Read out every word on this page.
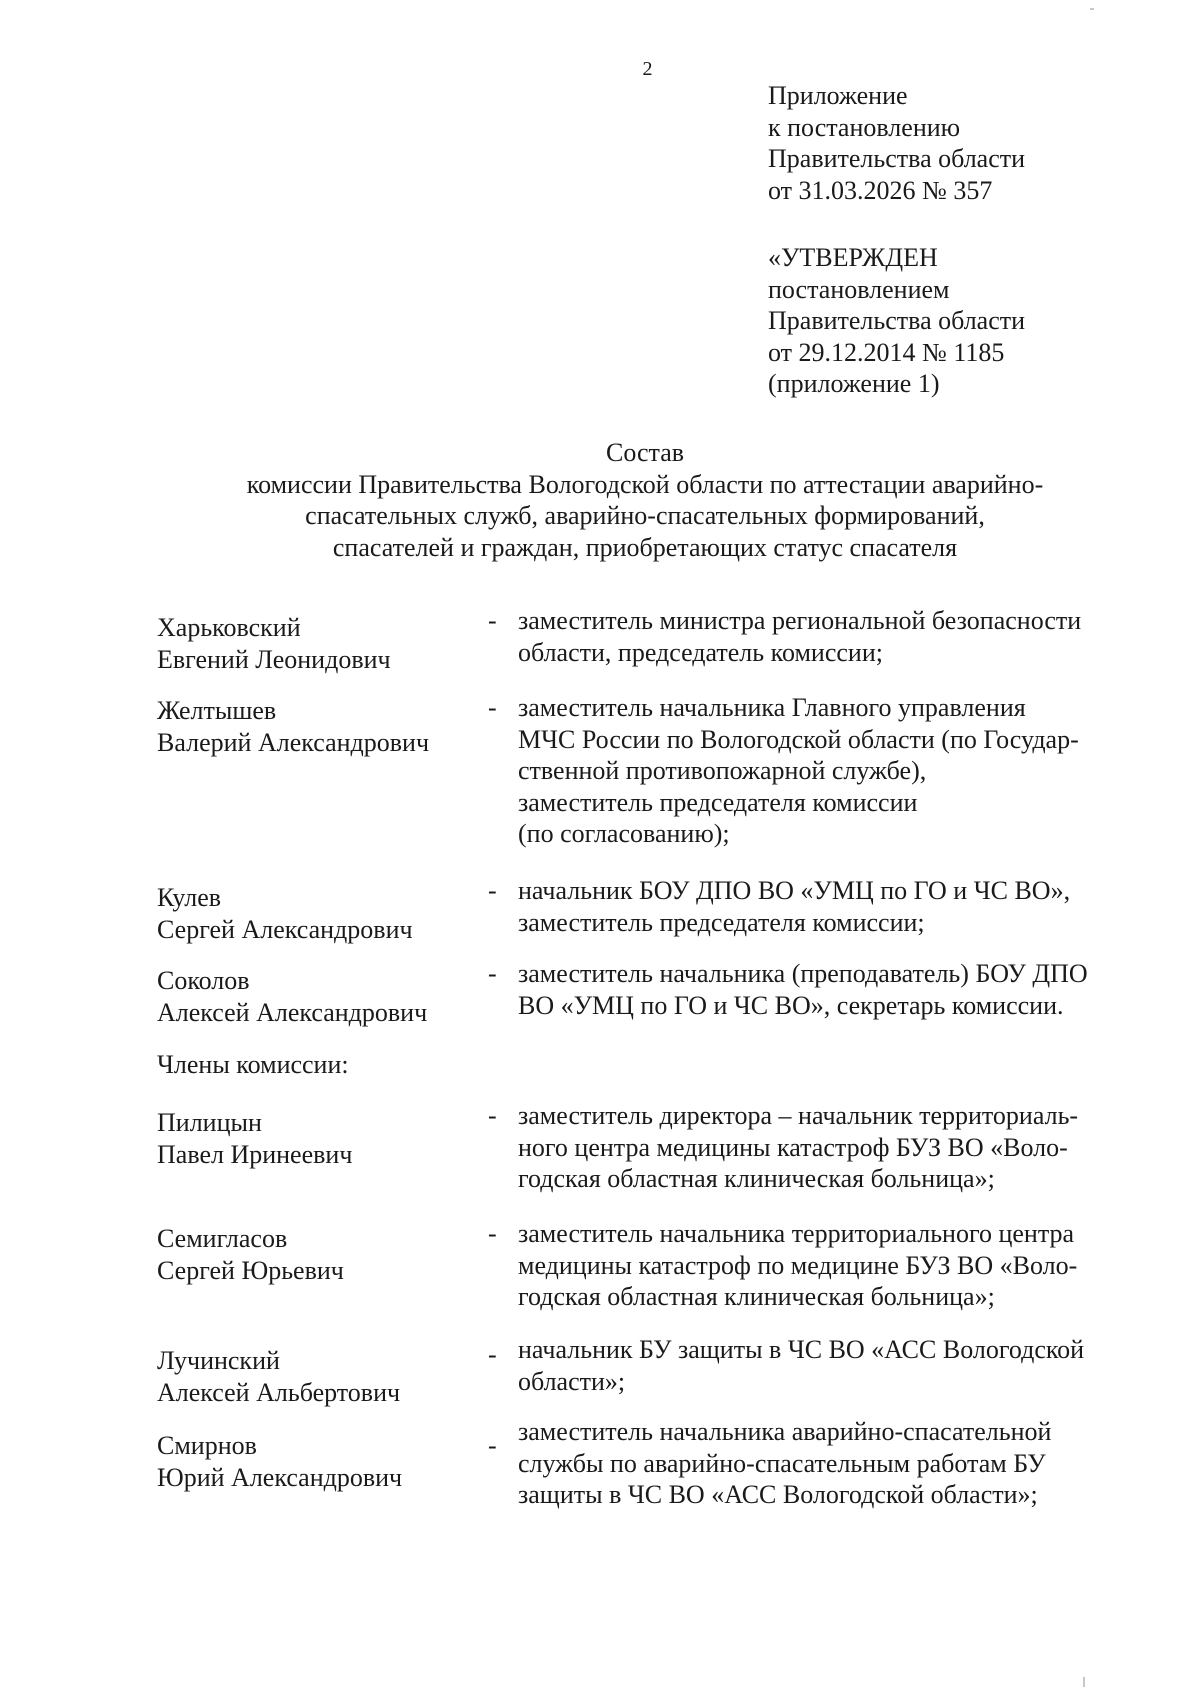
2
Приложение
к постановлению
Правительства области
от 31.03.2026 № 357
«УТВЕРЖДЕН
постановлением
Правительства области
от 29.12.2014 № 1185
(приложение 1)
Состав
комиссии Правительства Вологодской области по аттестации аварийно-
спасательных служб, аварийно-спасательных формирований,
спасателей и граждан, приобретающих статус спасателя
Харьковский
Евгений Леонидович
- заместитель министра региональной безопасности
области, председатель комиссии;
Желтышев
Валерий Александрович
- заместитель начальника Главного управления
МЧС России по Вологодской области (по Государ-
ственной противопожарной службе),
заместитель председателя комиссии
(по согласованию);
Кулев
Сергей Александрович
- начальник БОУ ДПО ВО «УМЦ по ГО и ЧС ВО»,
заместитель председателя комиссии;
Соколов
Алексей Александрович
- заместитель начальника (преподаватель) БОУ ДПО
ВО «УМЦ по ГО и ЧС ВО», секретарь комиссии.
Члены комиссии:
Пилицын
Павел Иринеевич
- заместитель директора – начальник территориаль-
ного центра медицины катастроф БУЗ ВО «Воло-
годская областная клиническая больница»;
Семигласов
Сергей Юрьевич
- заместитель начальника территориального центра
медицины катастроф по медицине БУЗ ВО «Воло-
годская областная клиническая больница»;
Лучинский
Алексей Альбертович
- начальник БУ защиты в ЧС ВО «АСС Вологодской
области»;
Смирнов
Юрий Александрович
- заместитель начальника аварийно-спасательной
службы по аварийно-спасательным работам БУ
защиты в ЧС ВО «АСС Вологодской области»;
